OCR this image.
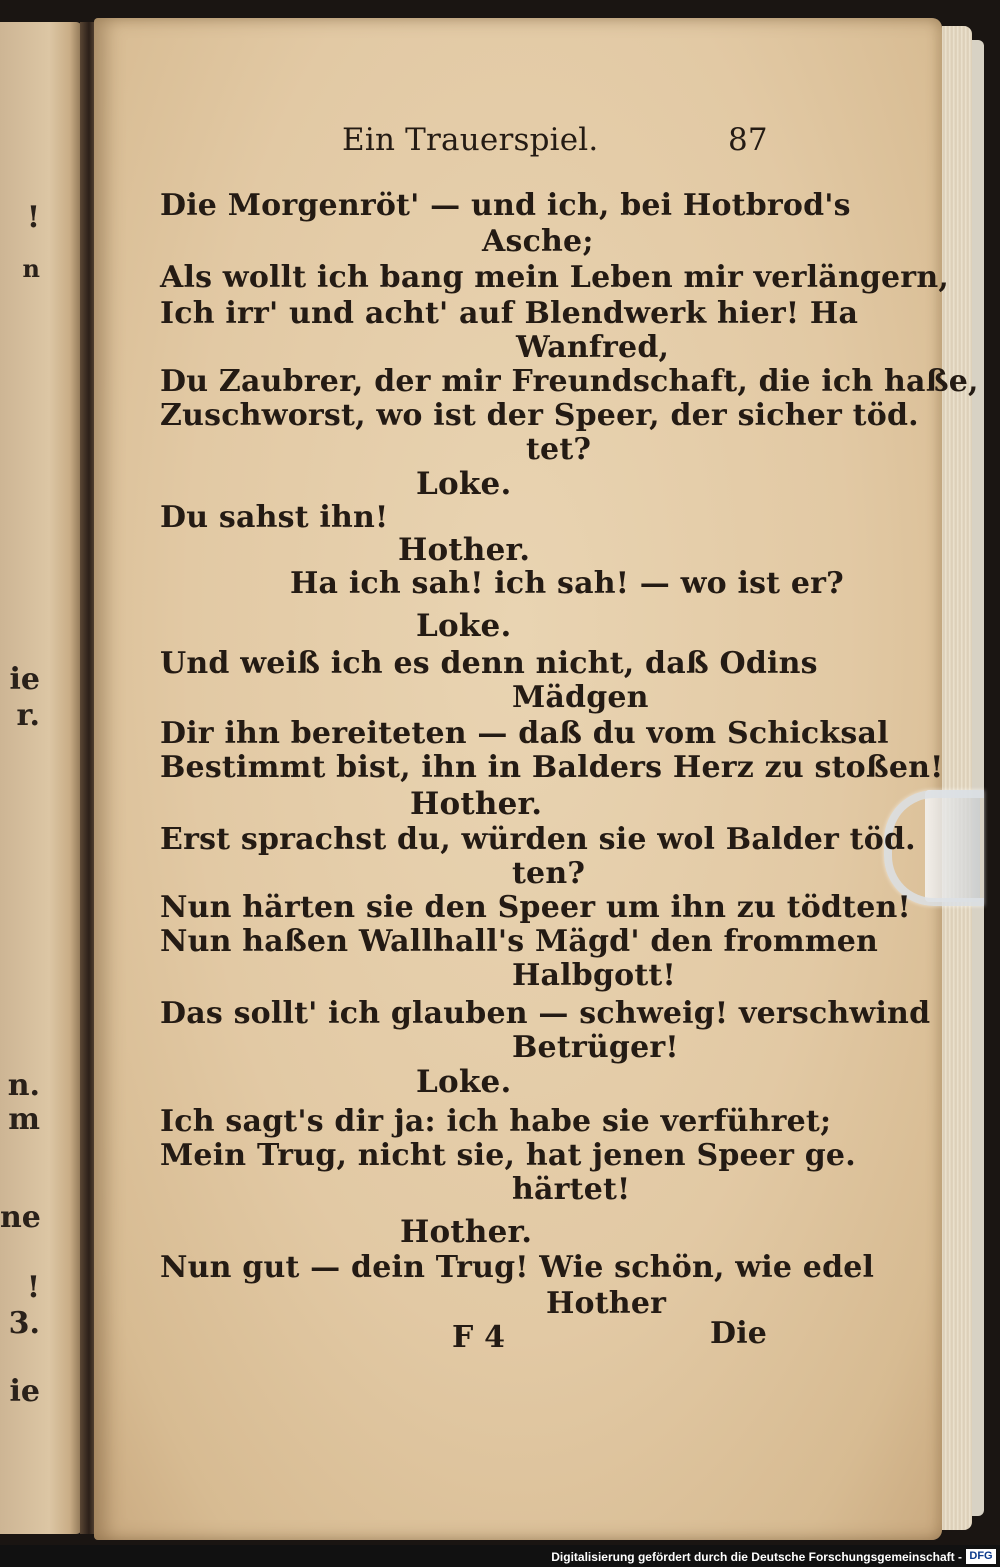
!
n
ie
r.
n.
m
ne
!
3.
ie
Ein Trauerspiel.	87
Die Morgenröt' — und ich, bei Hotbrod's
Asche;
Als wollt ich bang mein Leben mir verlängern,
Ich irr' und acht' auf Blendwerk hier! Ha
Wanfred,
Du Zaubrer, der mir Freundschaft, die ich haße,
Zuschworst, wo ist der Speer, der sicher töd.
tet?
Loke.
Du sahst ihn!
Hother.
Ha ich sah! ich sah! — wo ist er?
Loke.
Und weiß ich es denn nicht, daß Odins
Mädgen
Dir ihn bereiteten — daß du vom Schicksal
Bestimmt bist, ihn in Balders Herz zu stoßen!
Hother.
Erst sprachst du, würden sie wol Balder töd.
ten?
Nun härten sie den Speer um ihn zu tödten!
Nun haßen Wallhall's Mägd' den frommen
Halbgott!
Das sollt' ich glauben — schweig! verschwind
Betrüger!
Loke.
Ich sagt's dir ja: ich habe sie verführet;
Mein Trug, nicht sie, hat jenen Speer ge.
härtet!
Hother.
Nun gut — dein Trug! Wie schön, wie edel
Hother
F 4	Die
Digitalisierung gefördert durch die Deutsche Forschungsgemeinschaft - DFG
